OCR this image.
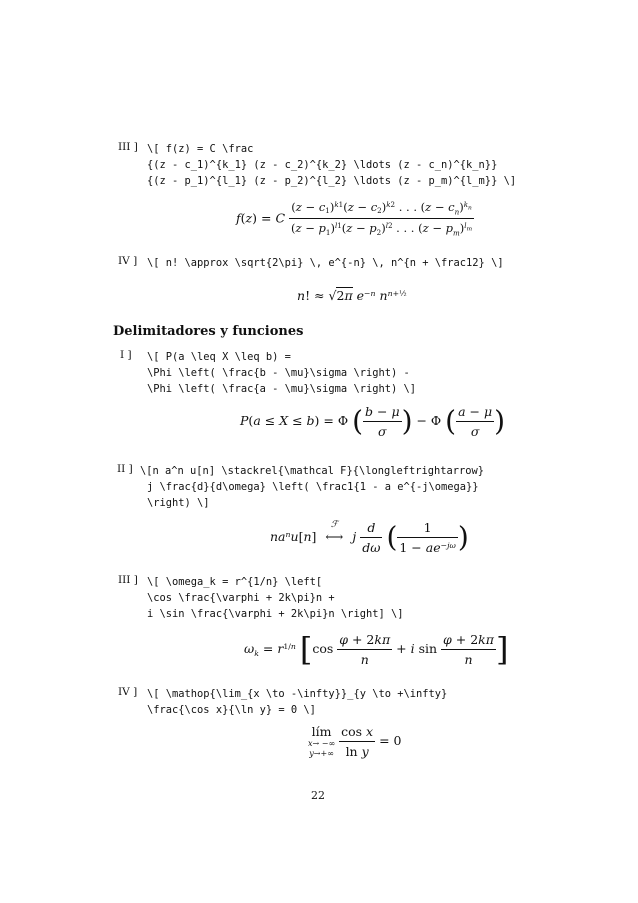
III ] \[ f(z) = C \frac
{(z - c_1)^{k_1} (z - c_2)^{k_2} \ldots (z - c_n)^{k_n}}
{(z - p_1)^{l_1} (z - p_2)^{l_2} \ldots (z - p_m)^{l_m}} \]
f(z) = C $\frac{(z - c_1)^{k1}(z - c_2)^{k2} . . . (z - c_n)^{k_n}}{(z - p_1)^{l1}(z - p_2)^{l2} . . . (z - p_m)^{l_m}}$
IV ] \[ n! \approx \sqrt{2\pi} \, e^{-n} \, n^{n + \frac12} \]
n! ≈ √2π $e^{-n}$ $n^{n+\frac{1}{2}}$
Delimitadores y funciones
I ] \[ P(a \leq X \leq b) =
\Phi \left( \frac{b - \mu}\sigma \right) -
\Phi \left( \frac{a - \mu}\sigma \right) \]
P(a ≤ X ≤ b) = Φ ( $\frac{b - \mu}{\sigma}$ ) − Φ ( $\frac{a - \mu}{\sigma}$ )
II ] \[n a^n u[n] \stackrel{\mathcal F}{\longleftrightarrow}
j \frac{d}{d\omega} \left( \frac1{1 - a e^{-j\omega}}
\right) \]
$na^nu[n]$
ℱ
⟷ j $\frac{d}{d\omega}$ ( $\frac{1}{1 - ae^{-j\omega}}$ )
III ] \[ \omega_k = r^{1/n} \left[
\cos \frac{\varphi + 2k\pi}n +
i \sin \frac{\varphi + 2k\pi}n \right] \]
$\omega_k = r^{1/n}$ [$\cos \frac{\varphi + 2k\pi}{n} + i$ $\sin \frac{\varphi + 2k\pi}{n}$ ]
IV ] \[ \mathop{\lim_{x \to -\infty}}_{y \to +\infty}
\frac{\cos x}{\ln y} = 0 \]
lím
x→ −∞
y→+∞
$\frac{\text{cos x}}{\text{ln y}} = 0$
22
